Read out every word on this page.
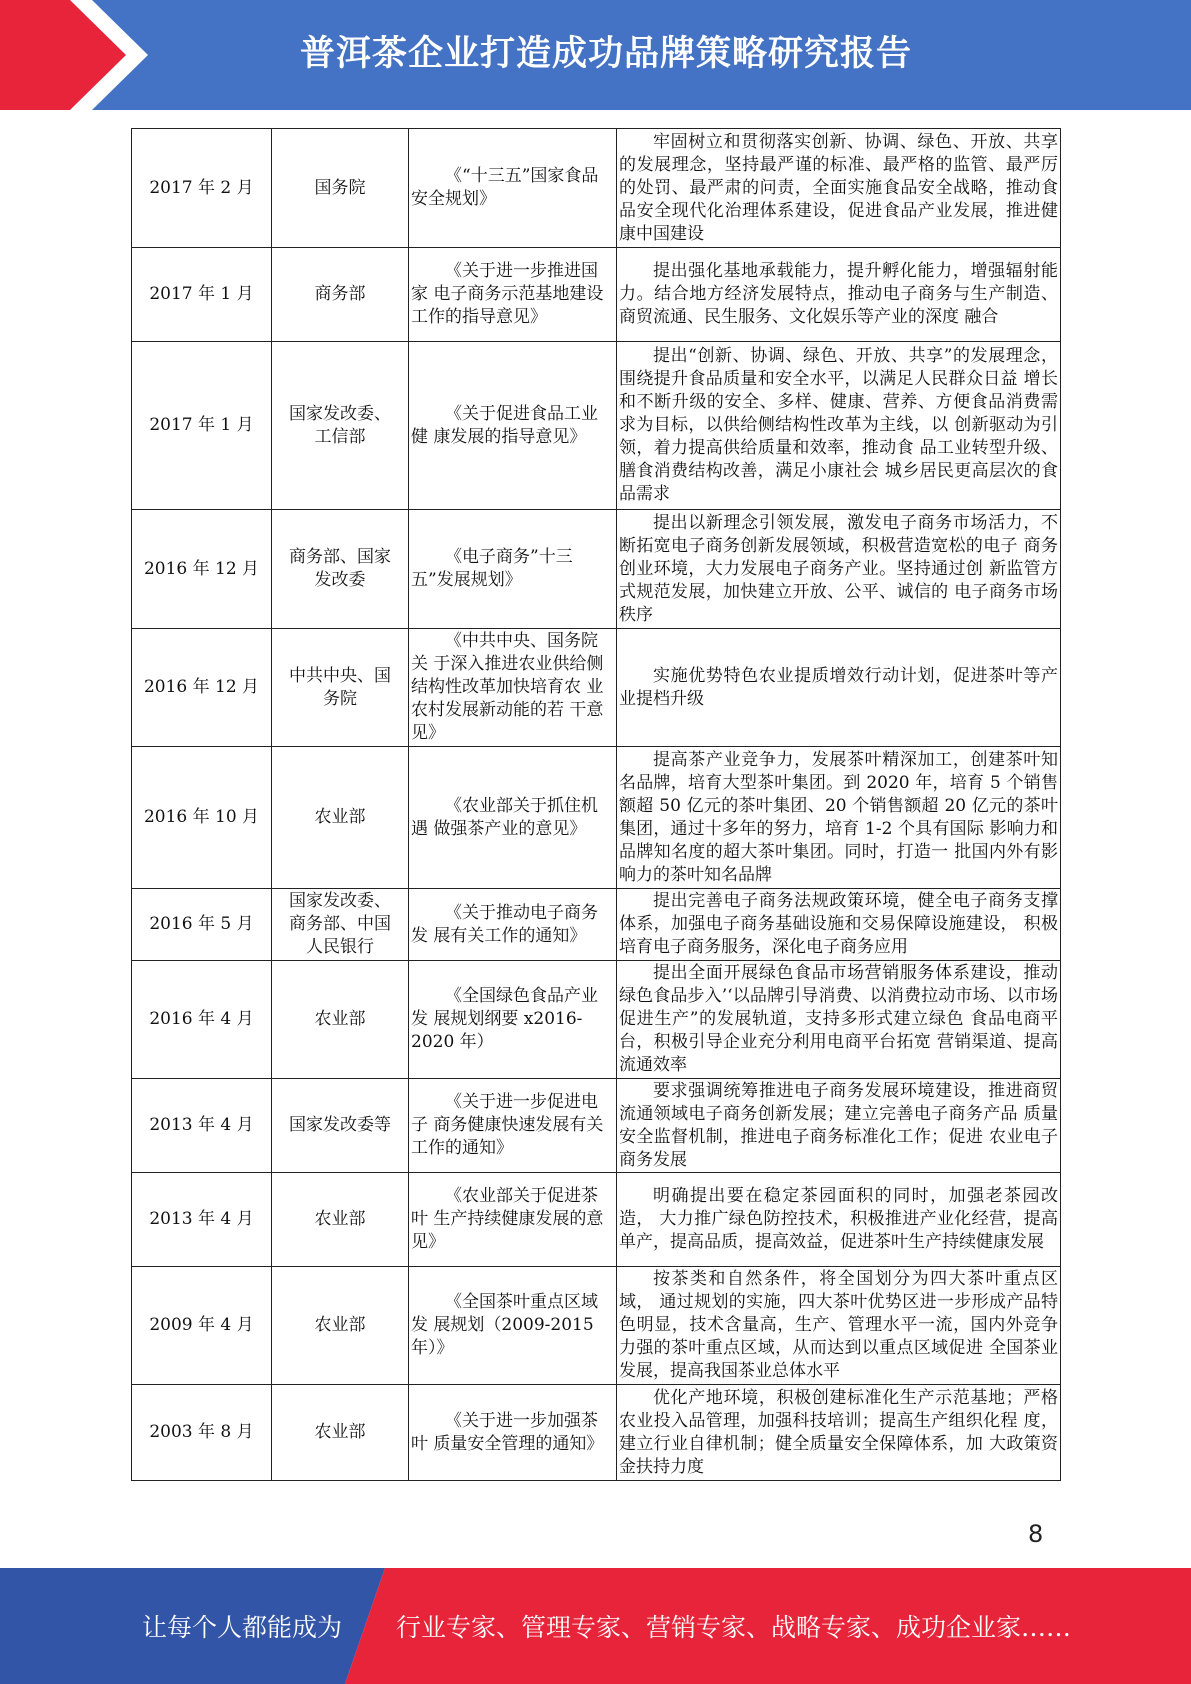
普洱茶企业打造成功品牌策略研究报告
2017 年 2 月	国务院	《“十三五”国家食品 安全规划》	牢固树立和贯彻落实创新、协调、绿色、开放、共享 的发展理念，坚持最严谨的标准、最严格的监管、最严厉的处罚、最严肃的问责，全面实施食品安全战略，推动食品安全现代化治理体系建设，促进食品产业发展，推进健康中国建设
2017 年 1 月	商务部	《关于进一步推进国家 电子商务示范基地建设 工作的指导意见》	提出强化基地承载能力，提升孵化能力，增强辐射能 力。结合地方经济发展特点，推动电子商务与生产制造、商贸流通、民生服务、文化娱乐等产业的深度 融合
2017 年 1 月	国家发改委、 工信部	《关于促进食品工业健 康发展的指导意见》	提出“创新、协调、绿色、开放、共享”的发展理念， 围绕提升食品质量和安全水平，以满足人民群众日益 增长和不断升级的安全、多样、健康、营养、方便食品消费需求为目标，以供给侧结构性改革为主线，以 创新驱动为引领，着力提高供给质量和效率，推动食 品工业转型升级、膳食消费结构改善，满足小康社会 城乡居民更高层次的食品需求
2016 年 12 月	商务部、国家 发改委	《电子商务”十三五”发展规划》	提出以新理念引领发展，激发电子商务市场活力，不断拓宽电子商务创新发展领域，积极营造宽松的电子 商务创业环境，大力发展电子商务产业。坚持通过创 新监管方式规范发展，加快建立开放、公平、诚信的 电子商务市场秩序
2016 年 12 月	中共中央、国 务院	《中共中央、国务院关 于深入推进农业供给侧 结构性改革加快培育农 业农村发展新动能的若 干意见》	实施优势特色农业提质增效行动计划，促进茶叶等产业提档升级
2016 年 10 月	农业部	《农业部关于抓住机遇 做强茶产业的意见》	提高茶产业竞争力，发展茶叶精深加工，创建茶叶知名品牌，培育大型茶叶集团。到 2020 年，培育 5 个销售额超 50 亿元的茶叶集团、20 个销售额超 20 亿元的茶叶集团，通过十多年的努力，培育 1-2 个具有国际 影响力和品牌知名度的超大茶叶集团。同时，打造一 批国内外有影响力的茶叶知名品牌
2016 年 5 月	国家发改委、 商务部、中国 人民银行	《关于推动电子商务发 展有关工作的通知》	提出完善电子商务法规政策环境，健全电子商务支撑体系，加强电子商务基础设施和交易保障设施建设， 积极培育电子商务服务，深化电子商务应用
2016 年 4 月	农业部	《全国绿色食品产业发 展规划纲要 x2016-2020 年）	提出全面开展绿色食品市场营销服务体系建设，推动绿色食品步入’‘以品牌引导消费、以消费拉动市场、以市场促进生产”的发展轨道，支持多形式建立绿色 食品电商平台，积极引导企业充分利用电商平台拓宽 营销渠道、提高流通效率
2013 年 4 月	国家发改委等	《关于进一步促进电子 商务健康快速发展有关 工作的通知》	要求强调统筹推进电子商务发展环境建设，推进商贸流通领域电子商务创新发展；建立完善电子商务产品 质量安全监督机制，推进电子商务标准化工作；促进 农业电子商务发展
2013 年 4 月	农业部	《农业部关于促进茶叶 生产持续健康发展的意 见》	明确提出要在稳定茶园面积的同时，加强老茶园改造， 大力推广绿色防控技术，积极推进产业化经营，提高 单产，提高品质，提高效益，促进茶叶生产持续健康发展
2009 年 4 月	农业部	《全国茶叶重点区域发 展规划（2009-2015 年）》	按茶类和自然条件，将全国划分为四大茶叶重点区域， 通过规划的实施，四大茶叶优势区进一步形成产品特 色明显，技术含量高，生产、管理水平一流，国内外竞争力强的茶叶重点区域，从而达到以重点区域促进 全国茶业发展，提高我国茶业总体水平
2003 年 8 月	农业部	《关于进一步加强茶叶 质量安全管理的通知》	优化产地环境，积极创建标准化生产示范基地；严格农业投入品管理，加强科技培训；提高生产组织化程 度，建立行业自律机制；健全质量安全保障体系，加 大政策资金扶持力度
8
让每个人都能成为 行业专家、管理专家、营销专家、战略专家、成功企业家……
